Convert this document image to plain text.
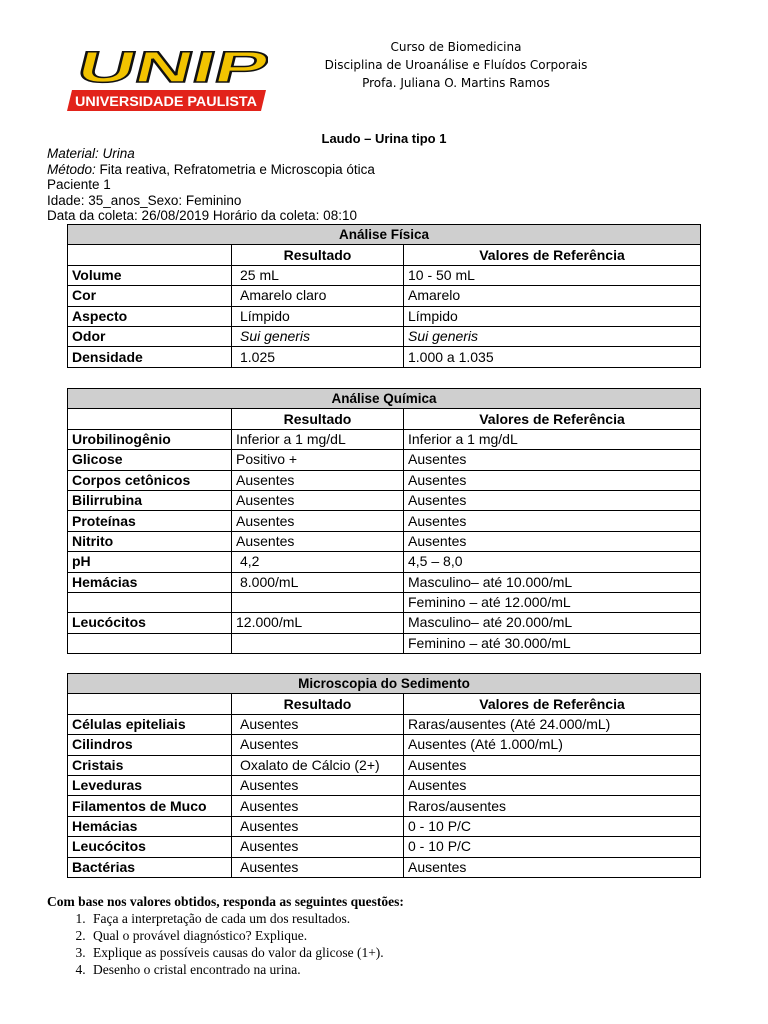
UNIP
UNIVERSIDADE PAULISTA
Curso de Biomedicina
Disciplina de Uroanálise e Fluídos Corporais
Profa. Juliana O. Martins Ramos
Laudo – Urina tipo 1
Material: Urina
Método: Fita reativa, Refratometria e Microscopia ótica
Paciente 1
Idade: 35_anos_Sexo: Feminino
Data da coleta: 26/08/2019 Horário da coleta: 08:10
Análise Física		
	Resultado	Valores de Referência
Volume	25 mL	10 - 50 mL
Cor	Amarelo claro	Amarelo
Aspecto	Límpido	Límpido
Odor	Sui generis	Sui generis
Densidade	1.025	1.000 a 1.035
Análise Química		
	Resultado	Valores de Referência
Urobilinogênio	Inferior a 1 mg/dL	Inferior a 1 mg/dL
Glicose	Positivo +	Ausentes
Corpos cetônicos	Ausentes	Ausentes
Bilirrubina	Ausentes	Ausentes
Proteínas	Ausentes	Ausentes
Nitrito	Ausentes	Ausentes
pH	4,2	4,5 – 8,0
Hemácias	8.000/mL	Masculino– até 10.000/mL
		Feminino – até 12.000/mL
Leucócitos	12.000/mL	Masculino– até 20.000/mL
		Feminino – até 30.000/mL
Microscopia do Sedimento		
	Resultado	Valores de Referência
Células epiteliais	Ausentes	Raras/ausentes (Até 24.000/mL)
Cilindros	Ausentes	Ausentes (Até 1.000/mL)
Cristais	Oxalato de Cálcio (2+)	Ausentes
Leveduras	Ausentes	Ausentes
Filamentos de Muco	Ausentes	Raros/ausentes
Hemácias	Ausentes	0 - 10 P/C
Leucócitos	Ausentes	0 - 10 P/C
Bactérias	Ausentes	Ausentes
Com base nos valores obtidos, responda as seguintes questões:
1. Faça a interpretação de cada um dos resultados.
2. Qual o provável diagnóstico? Explique.
3. Explique as possíveis causas do valor da glicose (1+).
4. Desenho o cristal encontrado na urina.
